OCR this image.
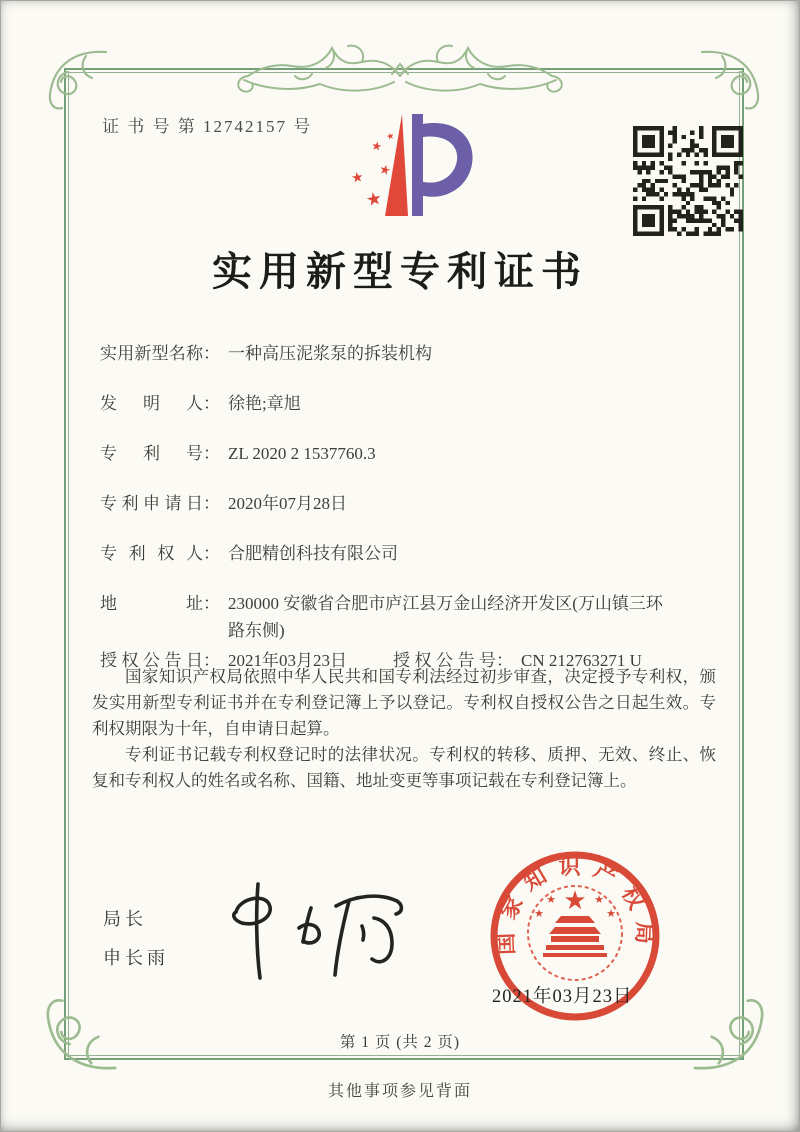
证 书 号 第 12742157 号
★
★
★ ★
★
实用新型专利证书
实用新型名称 ： 一种高压泥浆泵的拆装机构
发明人 ： 徐艳;章旭
专利号 ： ZL 2020 2 1537760.3
专利申请日 ： 2020年07月28日
专利权人 ： 合肥精创科技有限公司
地址 ： 230000 安徽省合肥市庐江县万金山经济开发区(万山镇三环路东侧)
授权公告日 ： 2021年03月23日	授权公告号 ： CN 212763271 U

国家知识产权局依照中华人民共和国专利法经过初步审查，决定授予专利权，颁发实用新型专利证书并在专利登记簿上予以登记。专利权自授权公告之日起生效。专利权期限为十年，自申请日起算。

专利证书记载专利权登记时的法律状况。专利权的转移、质押、无效、终止、恢复和专利权人的姓名或名称、国籍、地址变更等事项记载在专利登记簿上。

局长
申长雨
国家知识产权局
★
★
★
★
★
2021年03月23日
第 1 页 (共 2 页)
其他事项参见背面
